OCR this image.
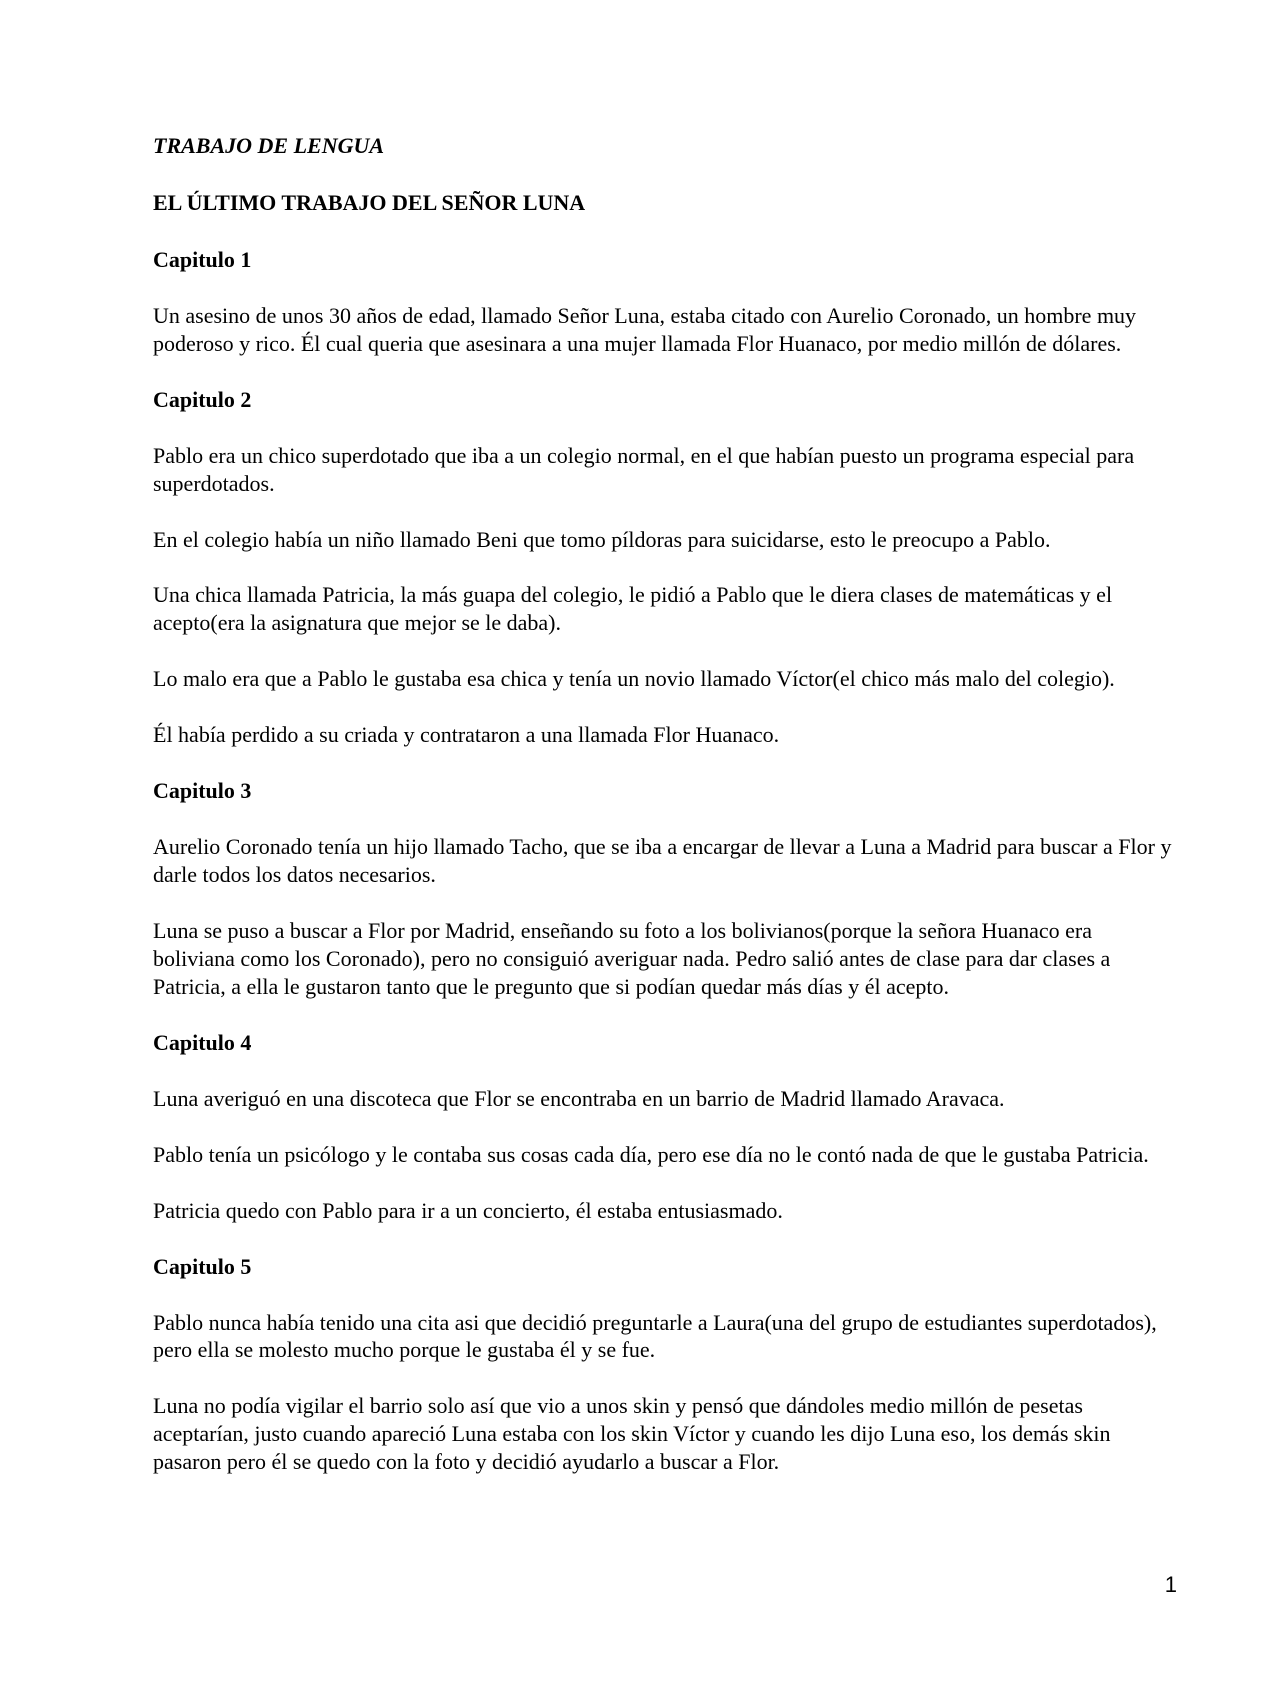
TRABAJO DE LENGUA

EL ÚLTIMO TRABAJO DEL SEÑOR LUNA

Capitulo 1

Un asesino de unos 30 años de edad, llamado Señor Luna, estaba citado con Aurelio Coronado, un hombre muy poderoso y rico. Él cual queria que asesinara a una mujer llamada Flor Huanaco, por medio millón de dólares.

Capitulo 2

Pablo era un chico superdotado que iba a un colegio normal, en el que habían puesto un programa especial para superdotados.

En el colegio había un niño llamado Beni que tomo píldoras para suicidarse, esto le preocupo a Pablo.

Una chica llamada Patricia, la más guapa del colegio, le pidió a Pablo que le diera clases de matemáticas y el acepto(era la asignatura que mejor se le daba).

Lo malo era que a Pablo le gustaba esa chica y tenía un novio llamado Víctor(el chico más malo del colegio).

Él había perdido a su criada y contrataron a una llamada Flor Huanaco.

Capitulo 3

Aurelio Coronado tenía un hijo llamado Tacho, que se iba a encargar de llevar a Luna a Madrid para buscar a Flor y darle todos los datos necesarios.

Luna se puso a buscar a Flor por Madrid, enseñando su foto a los bolivianos(porque la señora Huanaco era boliviana como los Coronado), pero no consiguió averiguar nada. Pedro salió antes de clase para dar clases a Patricia, a ella le gustaron tanto que le pregunto que si podían quedar más días y él acepto.

Capitulo 4

Luna averiguó en una discoteca que Flor se encontraba en un barrio de Madrid llamado Aravaca.

Pablo tenía un psicólogo y le contaba sus cosas cada día, pero ese día no le contó nada de que le gustaba Patricia.

Patricia quedo con Pablo para ir a un concierto, él estaba entusiasmado.

Capitulo 5

Pablo nunca había tenido una cita asi que decidió preguntarle a Laura(una del grupo de estudiantes superdotados), pero ella se molesto mucho porque le gustaba él y se fue.

Luna no podía vigilar el barrio solo así que vio a unos skin y pensó que dándoles medio millón de pesetas aceptarían, justo cuando apareció Luna estaba con los skin Víctor y cuando les dijo Luna eso, los demás skin pasaron pero él se quedo con la foto y decidió ayudarlo a buscar a Flor.

1
